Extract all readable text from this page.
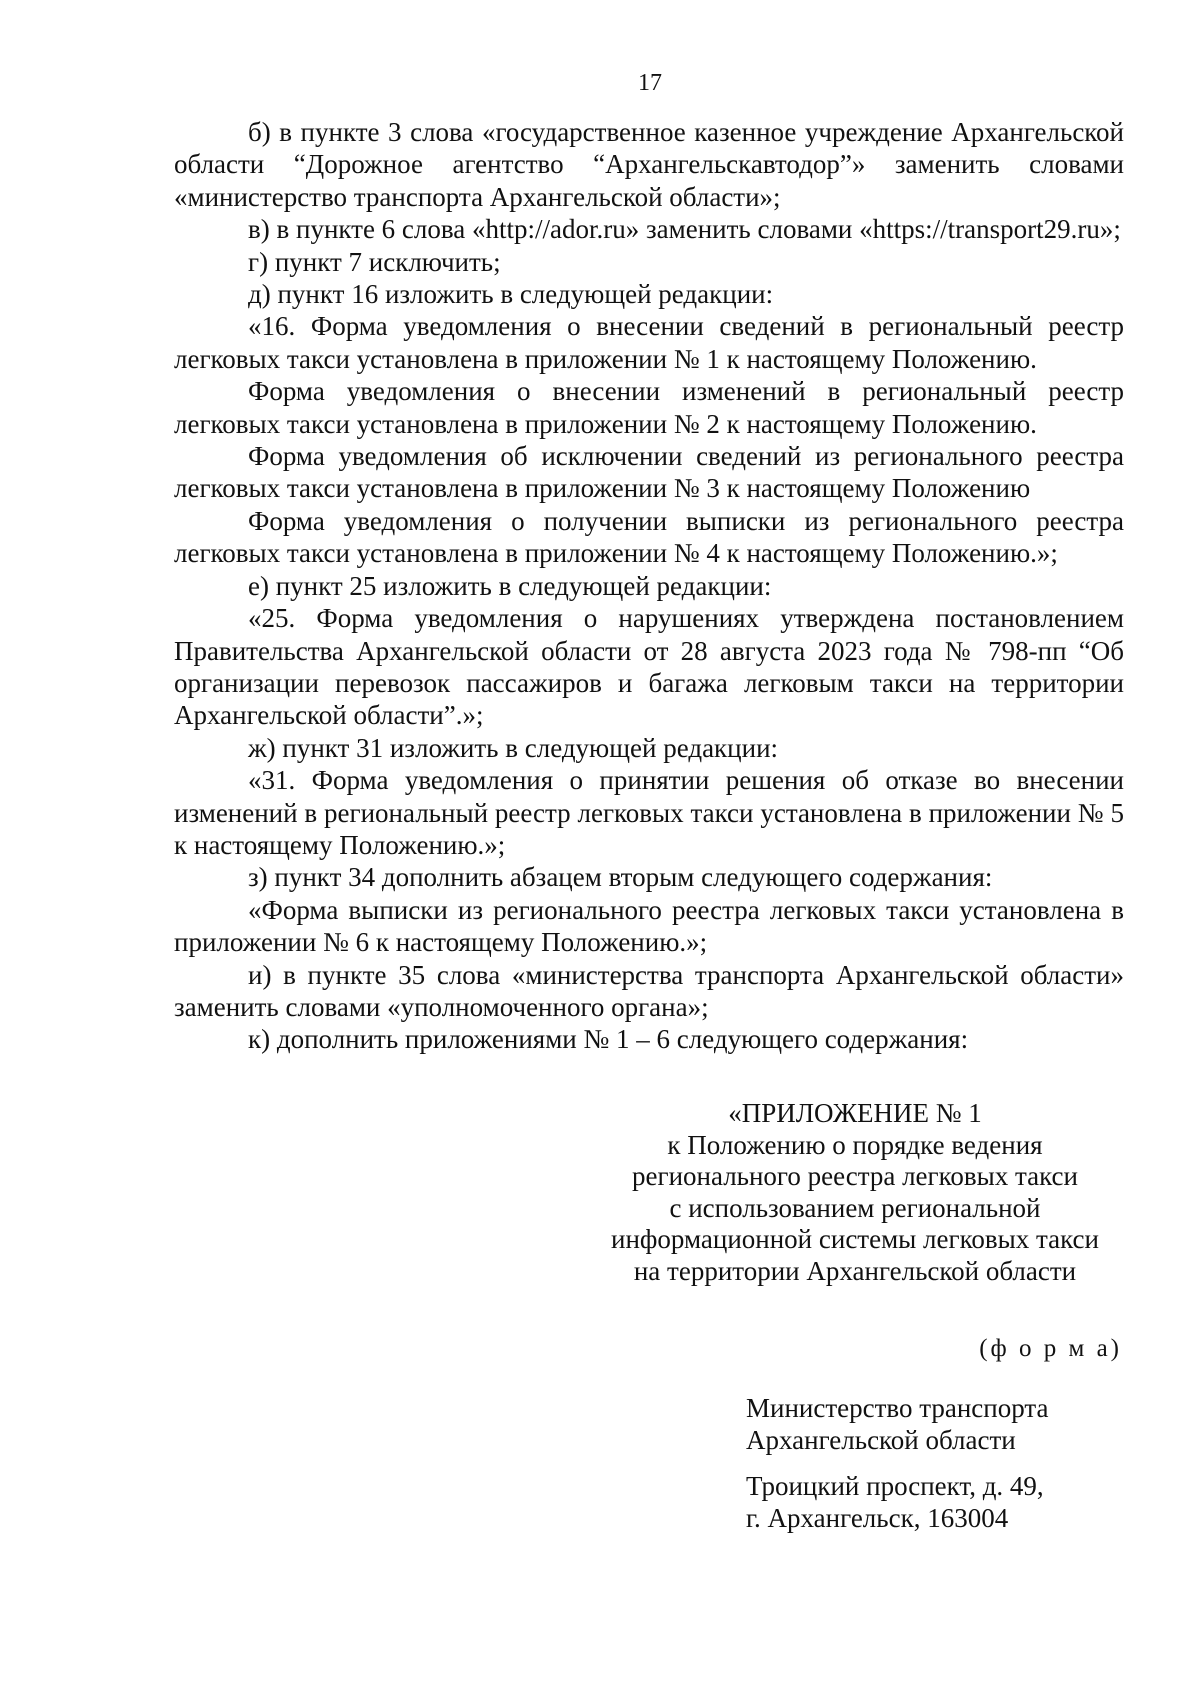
17

б) в пункте 3 слова «государственное казенное учреждение Архангельской области “Дорожное агентство “Архангельскавтодор”» заменить словами «министерство транспорта Архангельской области»;

в) в пункте 6 слова «http://ador.ru» заменить словами «https://transport29.ru»;

г) пункт 7 исключить;

д) пункт 16 изложить в следующей редакции:

«16. Форма уведомления о внесении сведений в региональный реестр легковых такси установлена в приложении № 1 к настоящему Положению.

Форма уведомления о внесении изменений в региональный реестр легковых такси установлена в приложении № 2 к настоящему Положению.

Форма уведомления об исключении сведений из регионального реестра легковых такси установлена в приложении № 3 к настоящему Положению

Форма уведомления о получении выписки из регионального реестра легковых такси установлена в приложении № 4 к настоящему Положению.»;

е) пункт 25 изложить в следующей редакции:

«25. Форма уведомления о нарушениях утверждена постановлением Правительства Архангельской области от 28 августа 2023 года № 798-пп “Об организации перевозок пассажиров и багажа легковым такси на территории Архангельской области”.»;

ж) пункт 31 изложить в следующей редакции:

«31. Форма уведомления о принятии решения об отказе во внесении изменений в региональный реестр легковых такси установлена в приложении № 5 к настоящему Положению.»;

з) пункт 34 дополнить абзацем вторым следующего содержания:

«Форма выписки из регионального реестра легковых такси установлена в приложении № 6 к настоящему Положению.»;

и) в пункте 35 слова «министерства транспорта Архангельской области» заменить словами «уполномоченного органа»;

к) дополнить приложениями № 1 – 6 следующего содержания:

«ПРИЛОЖЕНИЕ № 1
к Положению о порядке ведения
регионального реестра легковых такси
с использованием региональной
информационной системы легковых такси
на территории Архангельской области
(ф о р м а)
Министерство транспорта
Архангельской области
Троицкий проспект, д. 49,
г. Архангельск, 163004
